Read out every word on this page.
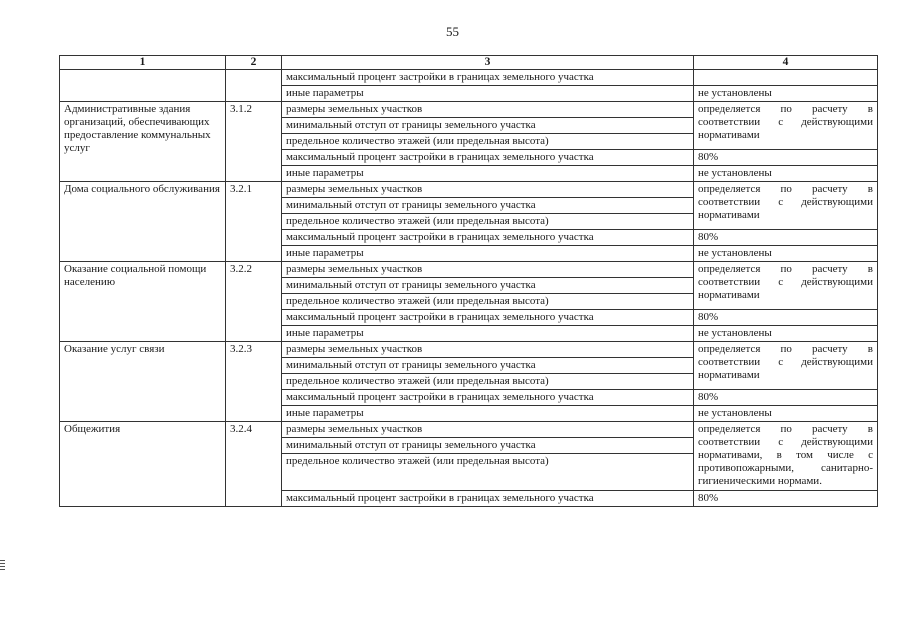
55
1	2	3	4
		максимальный процент застройки в границах земельного участка	
		иные параметры	не установлены
Административные здания организаций, обеспечивающих предоставление коммунальных услуг	3.1.2	размеры земельных участков	определяется по расчету в соответствии с действующими нормативами
		минимальный отступ от границы земельного участка	
		предельное количество этажей (или предельная высота)	
		максимальный процент застройки в границах земельного участка	80%
		иные параметры	не установлены
Дома социального обслуживания	3.2.1	размеры земельных участков	определяется по расчету в соответствии с действующими нормативами
		минимальный отступ от границы земельного участка	
		предельное количество этажей (или предельная высота)	
		максимальный процент застройки в границах земельного участка	80%
		иные параметры	не установлены
Оказание социальной помощи населению	3.2.2	размеры земельных участков	определяется по расчету в соответствии с действующими нормативами
		минимальный отступ от границы земельного участка	
		предельное количество этажей (или предельная высота)	
		максимальный процент застройки в границах земельного участка	80%
		иные параметры	не установлены
Оказание услуг связи	3.2.3	размеры земельных участков	определяется по расчету в соответствии с действующими нормативами
		минимальный отступ от границы земельного участка	
		предельное количество этажей (или предельная высота)	
		максимальный процент застройки в границах земельного участка	80%
		иные параметры	не установлены
Общежития	3.2.4	размеры земельных участков	определяется по расчету в соответствии с действующими нормативами, в том числе с противопожарными, санитарно-гигиеническими нормами.
		минимальный отступ от границы земельного участка	
		предельное количество этажей (или предельная высота)	
		максимальный процент застройки в границах земельного участка	80%
